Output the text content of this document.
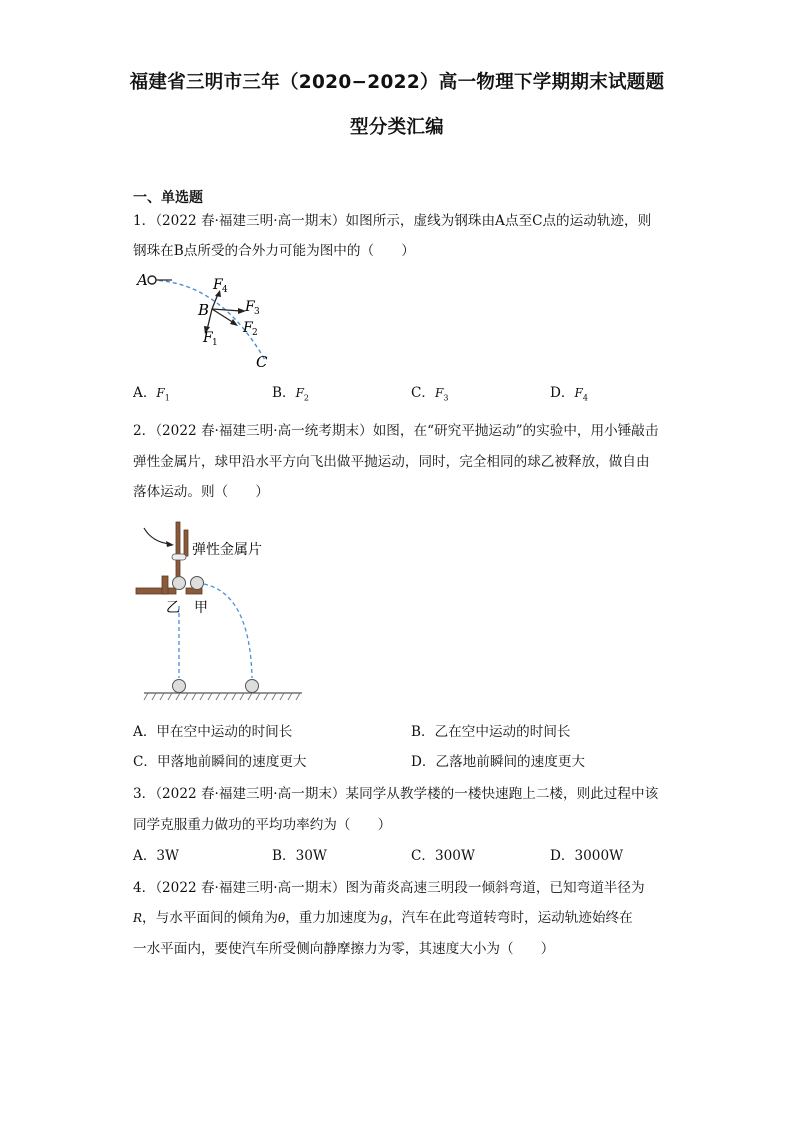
福建省三明市三年（2020−2022）高一物理下学期期末试题题
型分类汇编
一、单选题
1．（2022 春·福建三明·高一期末）如图所示，虚线为钢珠由A点至C点的运动轨迹，则
钢珠在B点所受的合外力可能为图中的（　　）
A
B
C
F 1
F 2
F 3
F 4
A．$F_1$	B．$F_2$	C．$F_3$	D．$F_4$
2．（2022 春·福建三明·高一统考期末）如图，在“研究平抛运动”的实验中，用小锤敲击
弹性金属片，球甲沿水平方向飞出做平抛运动，同时，完全相同的球乙被释放，做自由
落体运动。则（　　）
弹性金属片
乙 甲
A．甲在空中运动的时间长	B．乙在空中运动的时间长
C．甲落地前瞬间的速度更大	D．乙落地前瞬间的速度更大
3．（2022 春·福建三明·高一期末）某同学从教学楼的一楼快速跑上二楼，则此过程中该
同学克服重力做功的平均功率约为（　　）
A．3W	B．30W	C．300W	D．3000W
4．（2022 春·福建三明·高一期末）图为莆炎高速三明段一倾斜弯道，已知弯道半径为
R，与水平面间的倾角为θ，重力加速度为g，汽车在此弯道转弯时，运动轨迹始终在
一水平面内，要使汽车所受侧向静摩擦力为零，其速度大小为（　　）
